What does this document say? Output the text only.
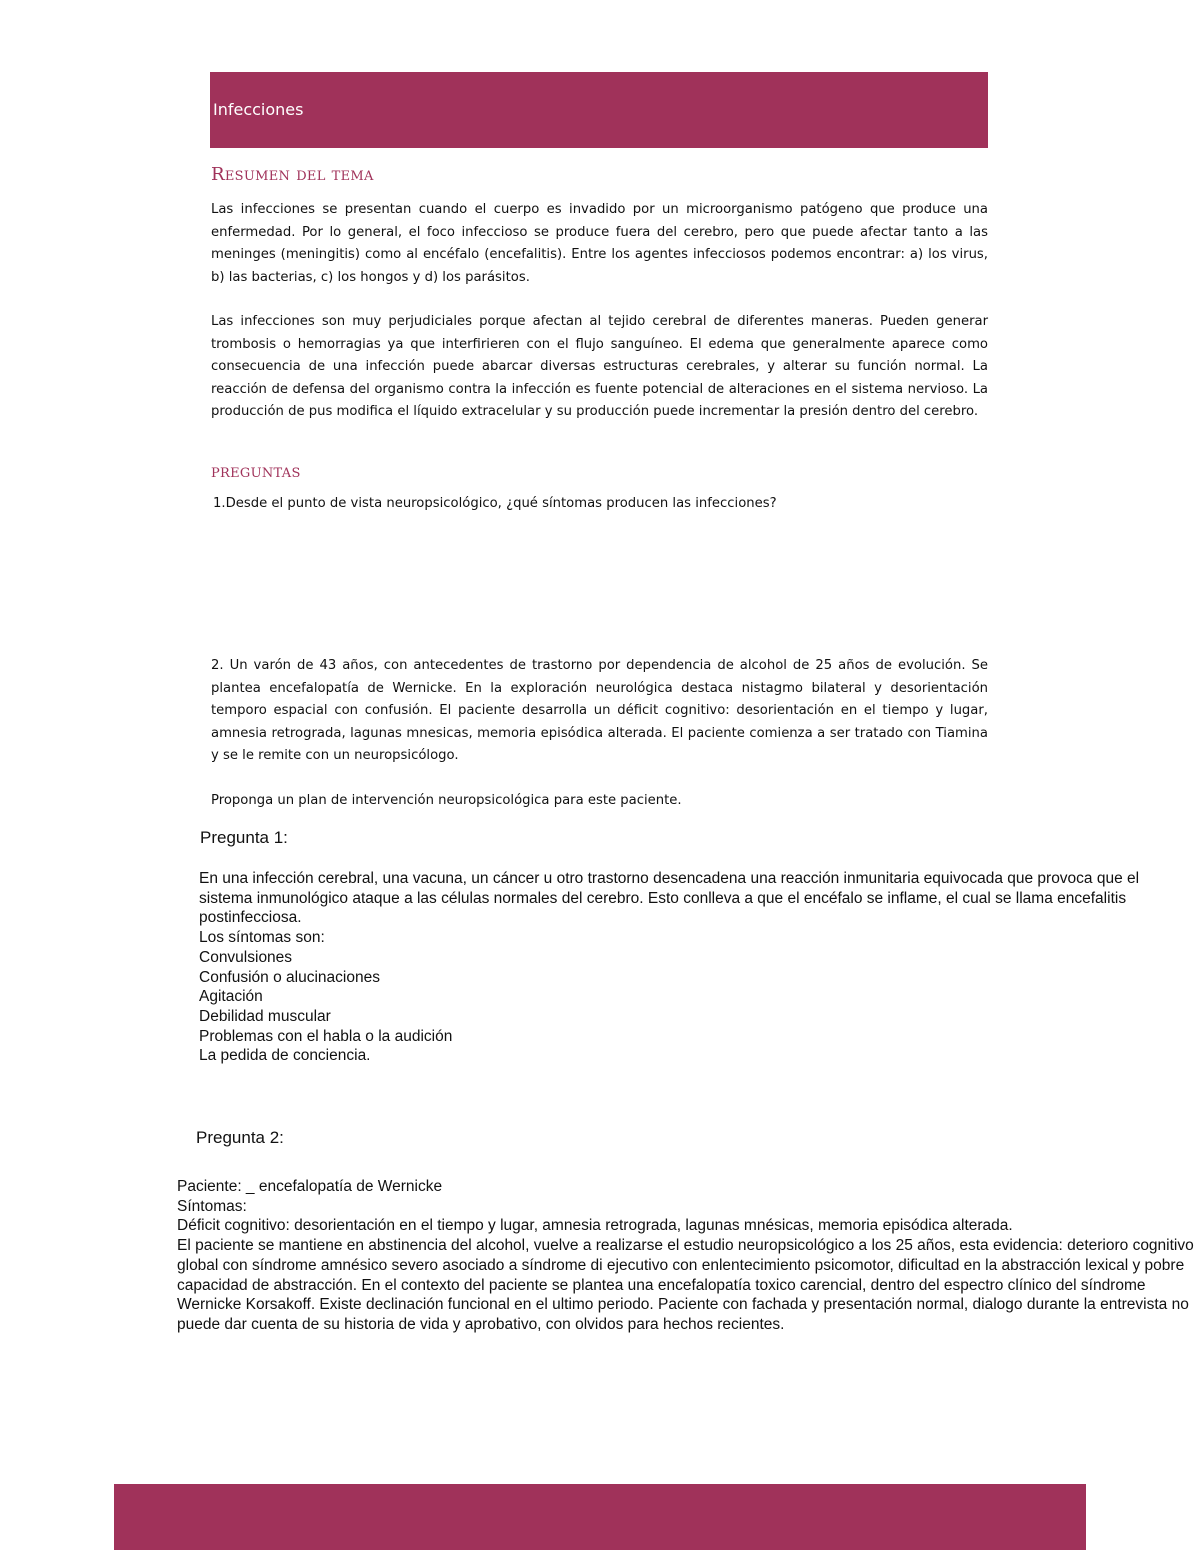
Infecciones
Resumen del tema

Las infecciones se presentan cuando el cuerpo es invadido por un microorganismo patógeno que produce una enfermedad. Por lo general, el foco infeccioso se produce fuera del cerebro, pero que puede afectar tanto a las meninges (meningitis) como al encéfalo (encefalitis). Entre los agentes infecciosos podemos encontrar: a) los virus, b) las bacterias, c) los hongos y d) los parásitos.

Las infecciones son muy perjudiciales porque afectan al tejido cerebral de diferentes maneras. Pueden generar trombosis o hemorragias ya que interfirieren con el flujo sanguíneo. El edema que generalmente aparece como consecuencia de una infección puede abarcar diversas estructuras cerebrales, y alterar su función normal. La reacción de defensa del organismo contra la infección es fuente potencial de alteraciones en el sistema nervioso. La producción de pus modifica el líquido extracelular y su producción puede incrementar la presión dentro del cerebro.

preguntas
1.Desde el punto de vista neuropsicológico, ¿qué síntomas producen las infecciones?

2. Un varón de 43 años, con antecedentes de trastorno por dependencia de alcohol de 25 años de evolución. Se plantea encefalopatía de Wernicke. En la exploración neurológica destaca nistagmo bilateral y desorientación temporo espacial con confusión. El paciente desarrolla un déficit cognitivo: desorientación en el tiempo y lugar, amnesia retrograda, lagunas mnesicas, memoria episódica alterada. El paciente comienza a ser tratado con Tiamina y se le remite con un neuropsicólogo.

Proponga un plan de intervención neuropsicológica para este paciente.

Pregunta 1:
En una infección cerebral, una vacuna, un cáncer u otro trastorno desencadena una reacción inmunitaria equivocada que provoca que el sistema inmunológico ataque a las células normales del cerebro. Esto conlleva a que el encéfalo se inflame, el cual se llama encefalitis postinfecciosa.
Los síntomas son:
Convulsiones
Confusión o alucinaciones
Agitación
Debilidad muscular
Problemas con el habla o la audición
La pedida de conciencia.
Pregunta 2:
Paciente: _ encefalopatía de Wernicke
Síntomas:
Déficit cognitivo: desorientación en el tiempo y lugar, amnesia retrograda, lagunas mnésicas, memoria episódica alterada.
El paciente se mantiene en abstinencia del alcohol, vuelve a realizarse el estudio neuropsicológico a los 25 años, esta evidencia: deterioro cognitivo global con síndrome amnésico severo asociado a síndrome di ejecutivo con enlentecimiento psicomotor, dificultad en la abstracción lexical y pobre capacidad de abstracción. En el contexto del paciente se plantea una encefalopatía toxico carencial, dentro del espectro clínico del síndrome Wernicke Korsakoff. Existe declinación funcional en el ultimo periodo. Paciente con fachada y presentación normal, dialogo durante la entrevista no puede dar cuenta de su historia de vida y aprobativo, con olvidos para hechos recientes.
